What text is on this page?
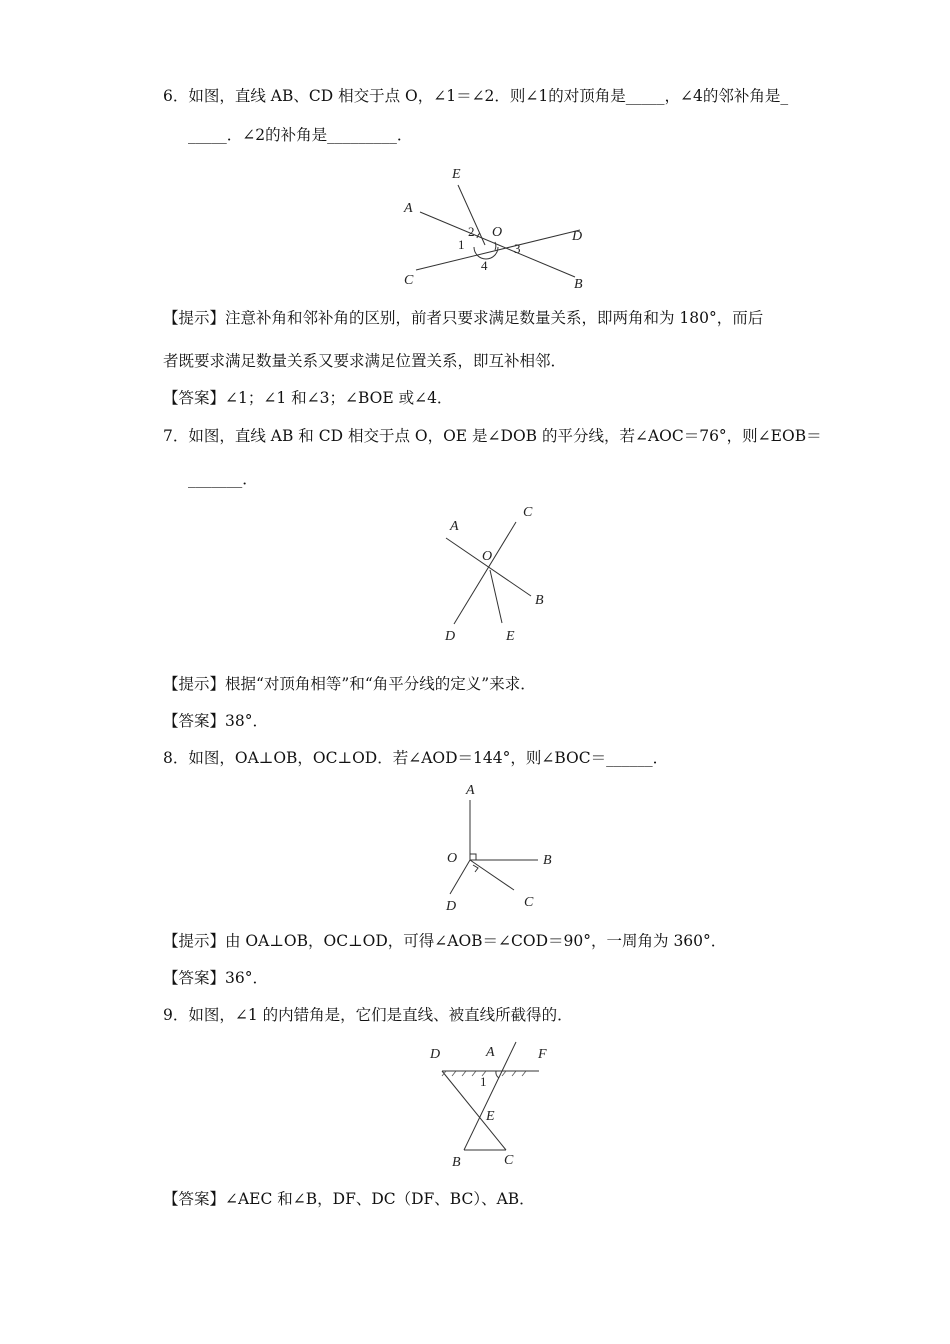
6．如图，直线 AB、CD 相交于点 O，∠1＝∠2．则∠1的对顶角是_____，∠4的邻补角是_
_____．∠2的补角是_________．
E
A
O	D
C	B
1
2
3
4
【提示】注意补角和邻补角的区别，前者只要求满足数量关系，即两角和为 180°，而后
者既要求满足数量关系又要求满足位置关系，即互补相邻．
【答案】∠1；∠1 和∠3；∠BOE 或∠4．
7．如图，直线 AB 和 CD 相交于点 O，OE 是∠DOB 的平分线，若∠AOC＝76°，则∠EOB＝
_______．
A
C
O
B
D	E
【提示】根据“对顶角相等”和“角平分线的定义”来求．
【答案】38°．
8．如图，OA⊥OB，OC⊥OD．若∠AOD＝144°，则∠BOC＝______．
A
O	B
D	C
【提示】由 OA⊥OB，OC⊥OD，可得∠AOB＝∠COD＝90°，一周角为 360°．
【答案】36°．
9．如图，∠1 的内错角是，它们是直线、被直线所截得的．
D	A	F
1
E
B	C
【答案】∠AEC 和∠B，DF、DC（DF、BC）、AB．
